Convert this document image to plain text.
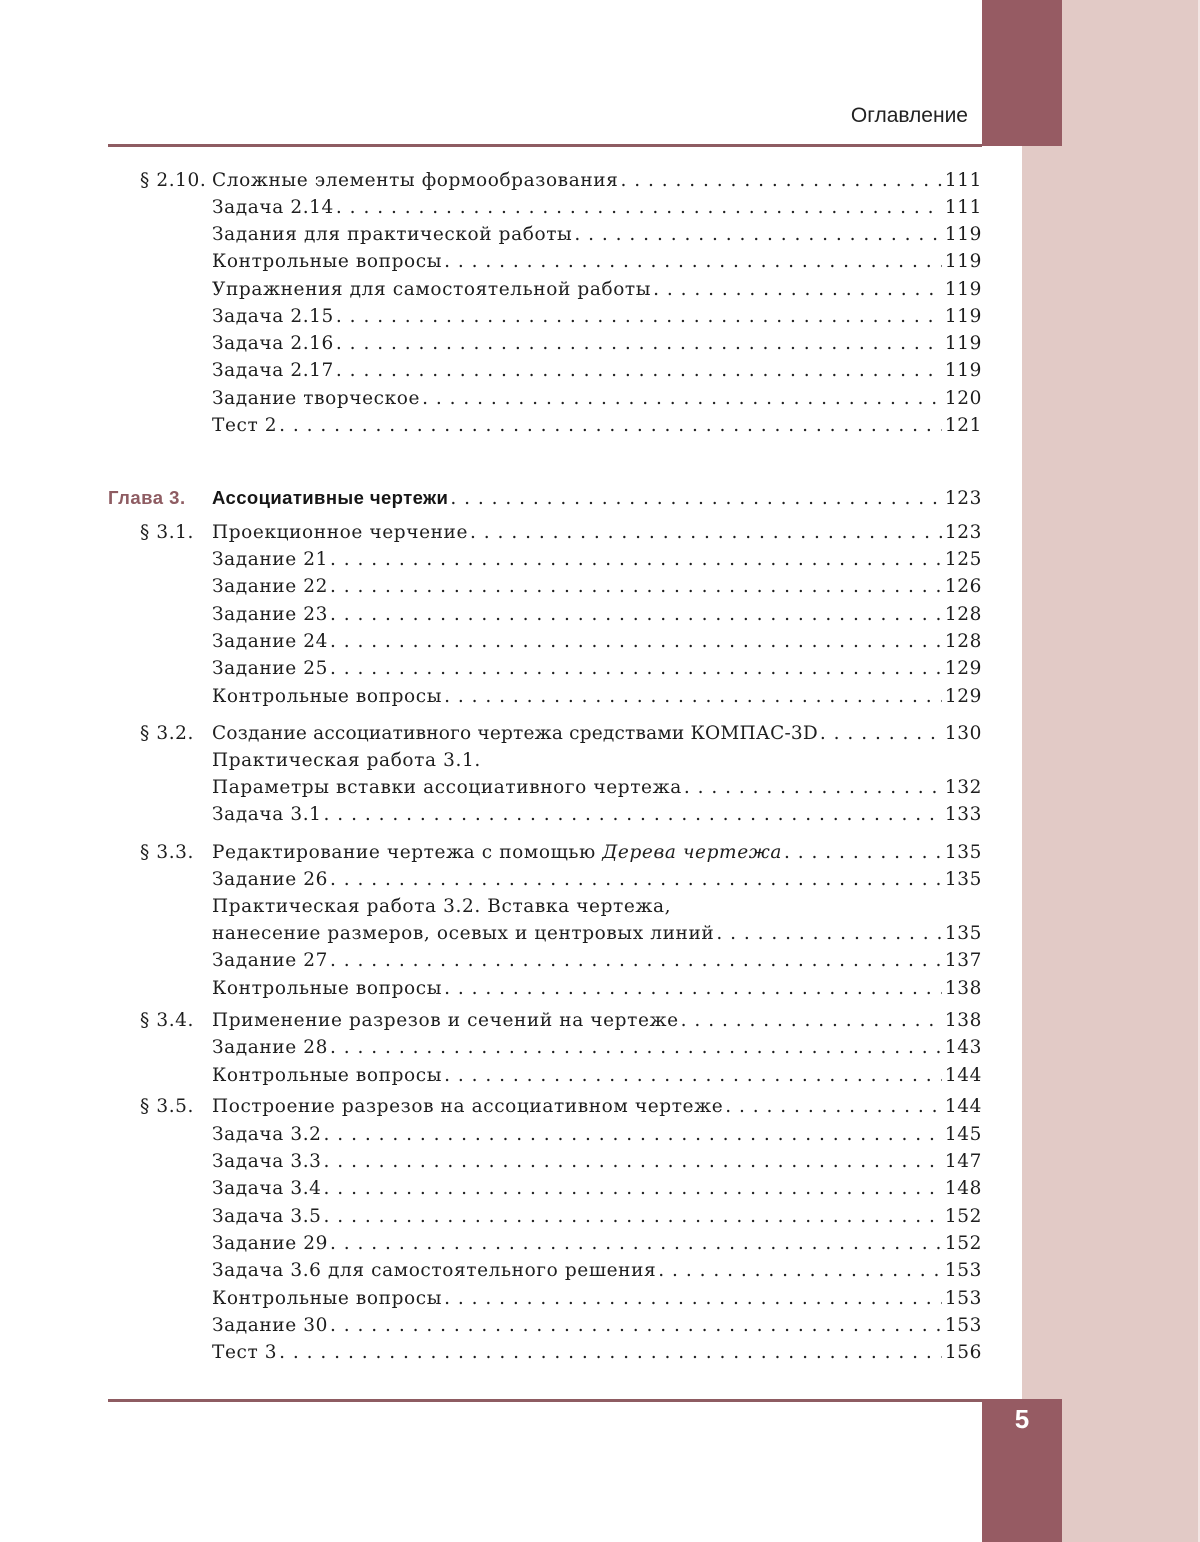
Оглавление
5
§ 2.10. Сложные элементы формообразования . . .	111
Задача 2.14 . . .	111
Задания для практической работы . . .	119
Контрольные вопросы . . .	119
Упражнения для самостоятельной работы . . .	119
Задача 2.15 . . .	119
Задача 2.16 . . .	119
Задача 2.17 . . .	119
Задание творческое . . .	120
Тест 2 . . .	121
Глава 3.	Ассоциативные чертежи . . .	123
§ 3.1. Проекционное черчение . . .	123
Задание 21 . . .	125
Задание 22 . . .	126
Задание 23 . . .	128
Задание 24 . . .	128
Задание 25 . . .	129
Контрольные вопросы . . .	129
§ 3.2. Создание ассоциативного чертежа средствами КОМПАС-3D . . .	130
Практическая работа 3.1.
Параметры вставки ассоциативного чертежа . . .	132
Задача 3.1 . . .	133
§ 3.3. Редактирование чертежа с помощью Дерева чертежа . . .	135
Задание 26 . . .	135
Практическая работа 3.2. Вставка чертежа,
нанесение размеров, осевых и центровых линий . . .	135
Задание 27 . . .	137
Контрольные вопросы . . .	138
§ 3.4. Применение разрезов и сечений на чертеже . . .	138
Задание 28 . . .	143
Контрольные вопросы . . .	144
§ 3.5. Построение разрезов на ассоциативном чертеже . . .	144
Задача 3.2 . . .	145
Задача 3.3 . . .	147
Задача 3.4 . . .	148
Задача 3.5 . . .	152
Задание 29 . . .	152
Задача 3.6 для самостоятельного решения . . .	153
Контрольные вопросы . . .	153
Задание 30 . . .	153
Тест 3 . . .	156
